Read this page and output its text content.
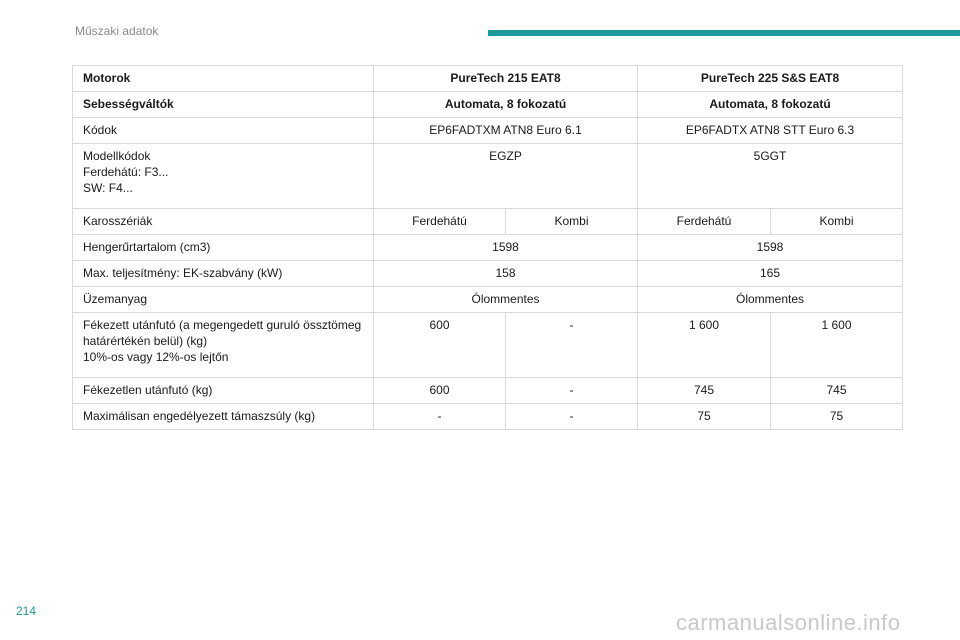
Műszaki adatok
Motorok	PureTech 215 EAT8		PureTech 225 S&S EAT8	
Sebességváltók	Automata, 8 fokozatú		Automata, 8 fokozatú	
Kódok	EP6FADTXM ATN8 Euro 6.1		EP6FADTX ATN8 STT Euro 6.3	

Modellkódok
Ferdehátú: F3...
SW: F4...	EGZP		5GGT	
Karosszériák	Ferdehátú	Kombi	Ferdehátú	Kombi
Hengerűrtartalom (cm3)	1598		1598	
Max. teljesítmény: EK-szabvány (kW)	158		165	
Üzemanyag	Ólommentes		Ólommentes	

Fékezett utánfutó (a megengedett guruló össztömeg
határértékén belül) (kg)
10%-os vagy 12%-os lejtőn	600	-	1 600	1 600
Fékezetlen utánfutó (kg)	600	-	745	745
Maximálisan engedélyezett támaszsúly (kg)	-	-	75	75
214	carmanualsonline.info
